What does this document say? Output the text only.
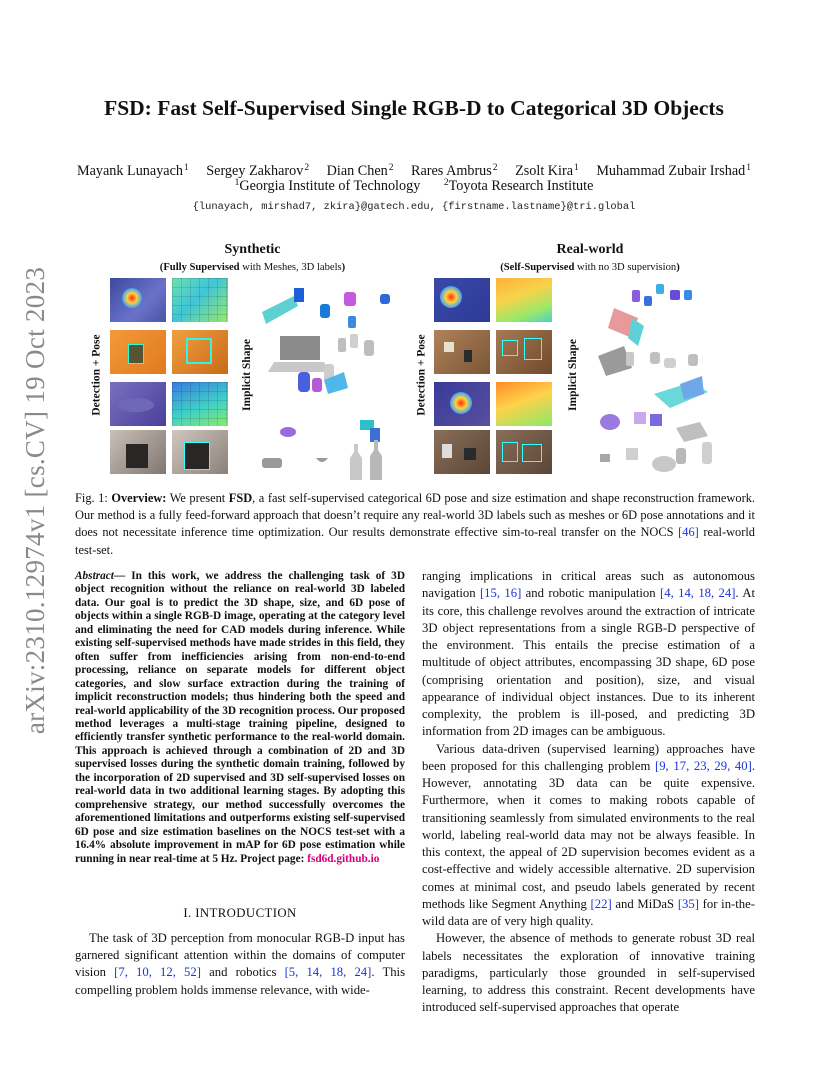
arXiv:2310.12974v1 [cs.CV] 19 Oct 2023
FSD: Fast Self-Supervised Single RGB-D to Categorical 3D Objects
Mayank Lunayach$^1$ Sergey Zakharov$^2$ Dian Chen$^2$ Rares Ambrus$^2$ Zsolt Kira$^1$ Muhammad Zubair Irshad$^1$
$^1$Georgia Institute of Technology $^2$Toyota Research Institute
{lunayach, mirshad7, zkira}@gatech.edu, {firstname.lastname}@tri.global
Synthetic
(Fully Supervised with Meshes, 3D labels)
Detection + Pose	Implicit Shape
Real-world
(Self-Supervised with no 3D supervision)
Detection + Pose	Implicit Shape
Fig. 1: Overview: We present FSD, a fast self-supervised categorical 6D pose and size estimation and shape reconstruction framework. Our method is a fully feed-forward approach that doesn’t require any real-world 3D labels such as meshes or 6D pose annotations and it does not necessitate inference time optimization. Our results demonstrate effective sim-to-real transfer on the NOCS [46] real-world test-set.
Abstract— In this work, we address the challenging task of 3D object recognition without the reliance on real-world 3D labeled data. Our goal is to predict the 3D shape, size, and 6D pose of objects within a single RGB-D image, operating at the category level and eliminating the need for CAD models during inference. While existing self-supervised methods have made strides in this field, they often suffer from inefficiencies arising from non-end-to-end processing, reliance on separate models for different object categories, and slow surface extraction during the training of implicit reconstruction models; thus hindering both the speed and real-world applicability of the 3D recognition process. Our proposed method leverages a multi-stage training pipeline, designed to efficiently transfer synthetic performance to the real-world domain. This approach is achieved through a combination of 2D and 3D supervised losses during the synthetic domain training, followed by the incorporation of 2D supervised and 3D self-supervised losses on real-world data in two additional learning stages. By adopting this comprehensive strategy, our method successfully overcomes the aforementioned limitations and outperforms existing self-supervised 6D pose and size estimation baselines on the NOCS test-set with a 16.4% absolute improvement in mAP for 6D pose estimation while running in near real-time at 5 Hz. Project page: fsd6d.github.io
I. INTRODUCTION

The task of 3D perception from monocular RGB-D input has garnered significant attention within the domains of computer vision [7, 10, 12, 52] and robotics [5, 14, 18, 24]. This compelling problem holds immense relevance, with wide-

ranging implications in critical areas such as autonomous navigation [15, 16] and robotic manipulation [4, 14, 18, 24]. At its core, this challenge revolves around the extraction of intricate 3D object representations from a single RGB-D perspective of the environment. This entails the precise estimation of a multitude of object attributes, encompassing 3D shape, 6D pose (comprising orientation and position), size, and visual appearance of individual object instances. Due to its inherent complexity, the problem is ill-posed, and predicting 3D information from 2D images can be ambiguous.

Various data-driven (supervised learning) approaches have been proposed for this challenging problem [9, 17, 23, 29, 40]. However, annotating 3D data can be quite expensive. Furthermore, when it comes to making robots capable of transitioning seamlessly from simulated environments to the real world, labeling real-world data may not be always feasible. In this context, the appeal of 2D supervision becomes evident as a cost-effective and widely accessible alternative. 2D supervision comes at minimal cost, and pseudo labels generated by recent methods like Segment Anything [22] and MiDaS [35] for in-the-wild data are of very high quality.

However, the absence of methods to generate robust 3D real labels necessitates the exploration of innovative training paradigms, particularly those grounded in self-supervised learning, to address this constraint. Recent developments have introduced self-supervised approaches that operate
